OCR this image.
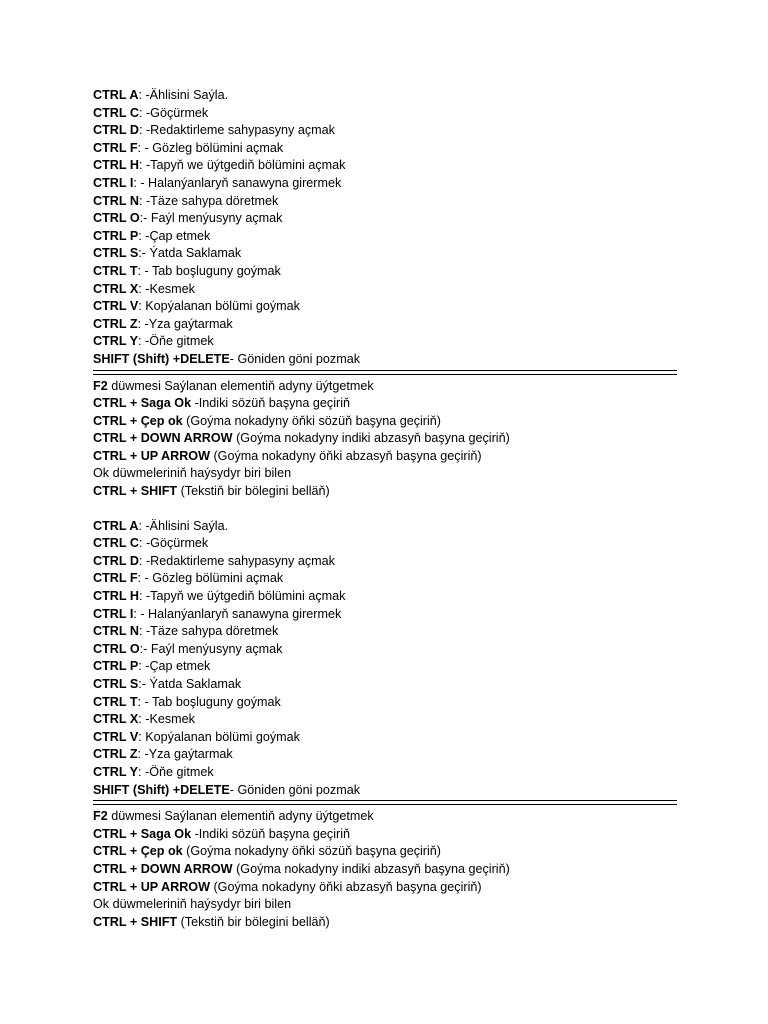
CTRL A: -Ählisini Saýla.
CTRL C: -Göçürmek
CTRL D: -Redaktirleme sahypasyny açmak
CTRL F: - Gözleg bölümini açmak
CTRL H: -Tapyň we üýtgediň bölümini açmak
CTRL I: - Halanýanlaryň sanawyna girermek
CTRL N: -Täze sahypa döretmek
CTRL O:- Faýl menýusyny açmak
CTRL P: -Çap etmek
CTRL S:- Ýatda Saklamak
CTRL T: - Tab boşluguny goýmak
CTRL X: -Kesmek
CTRL V: Kopýalanan bölümi goýmak
CTRL Z: -Yza gaýtarmak
CTRL Y: -Öňe gitmek
SHIFT (Shift) +DELETE- Göniden göni pozmak
F2 düwmesi Saýlanan elementiň adyny üýtgetmek
CTRL + Saga Ok -Indiki sözüň başyna geçiriň
CTRL + Çep ok (Goýma nokadyny öňki sözüň başyna geçiriň)
CTRL + DOWN ARROW (Goýma nokadyny indiki abzasyň başyna geçiriň)
CTRL + UP ARROW (Goýma nokadyny öňki abzasyň başyna geçiriň)
Ok düwmeleriniň haýsydyr biri bilen
CTRL + SHIFT (Tekstiň bir bölegini belläň)
CTRL A: -Ählisini Saýla.
CTRL C: -Göçürmek
CTRL D: -Redaktirleme sahypasyny açmak
CTRL F: - Gözleg bölümini açmak
CTRL H: -Tapyň we üýtgediň bölümini açmak
CTRL I: - Halanýanlaryň sanawyna girermek
CTRL N: -Täze sahypa döretmek
CTRL O:- Faýl menýusyny açmak
CTRL P: -Çap etmek
CTRL S:- Ýatda Saklamak
CTRL T: - Tab boşluguny goýmak
CTRL X: -Kesmek
CTRL V: Kopýalanan bölümi goýmak
CTRL Z: -Yza gaýtarmak
CTRL Y: -Öňe gitmek
SHIFT (Shift) +DELETE- Göniden göni pozmak
F2 düwmesi Saýlanan elementiň adyny üýtgetmek
CTRL + Saga Ok -Indiki sözüň başyna geçiriň
CTRL + Çep ok (Goýma nokadyny öňki sözüň başyna geçiriň)
CTRL + DOWN ARROW (Goýma nokadyny indiki abzasyň başyna geçiriň)
CTRL + UP ARROW (Goýma nokadyny öňki abzasyň başyna geçiriň)
Ok düwmeleriniň haýsydyr biri bilen
CTRL + SHIFT (Tekstiň bir bölegini belläň)
